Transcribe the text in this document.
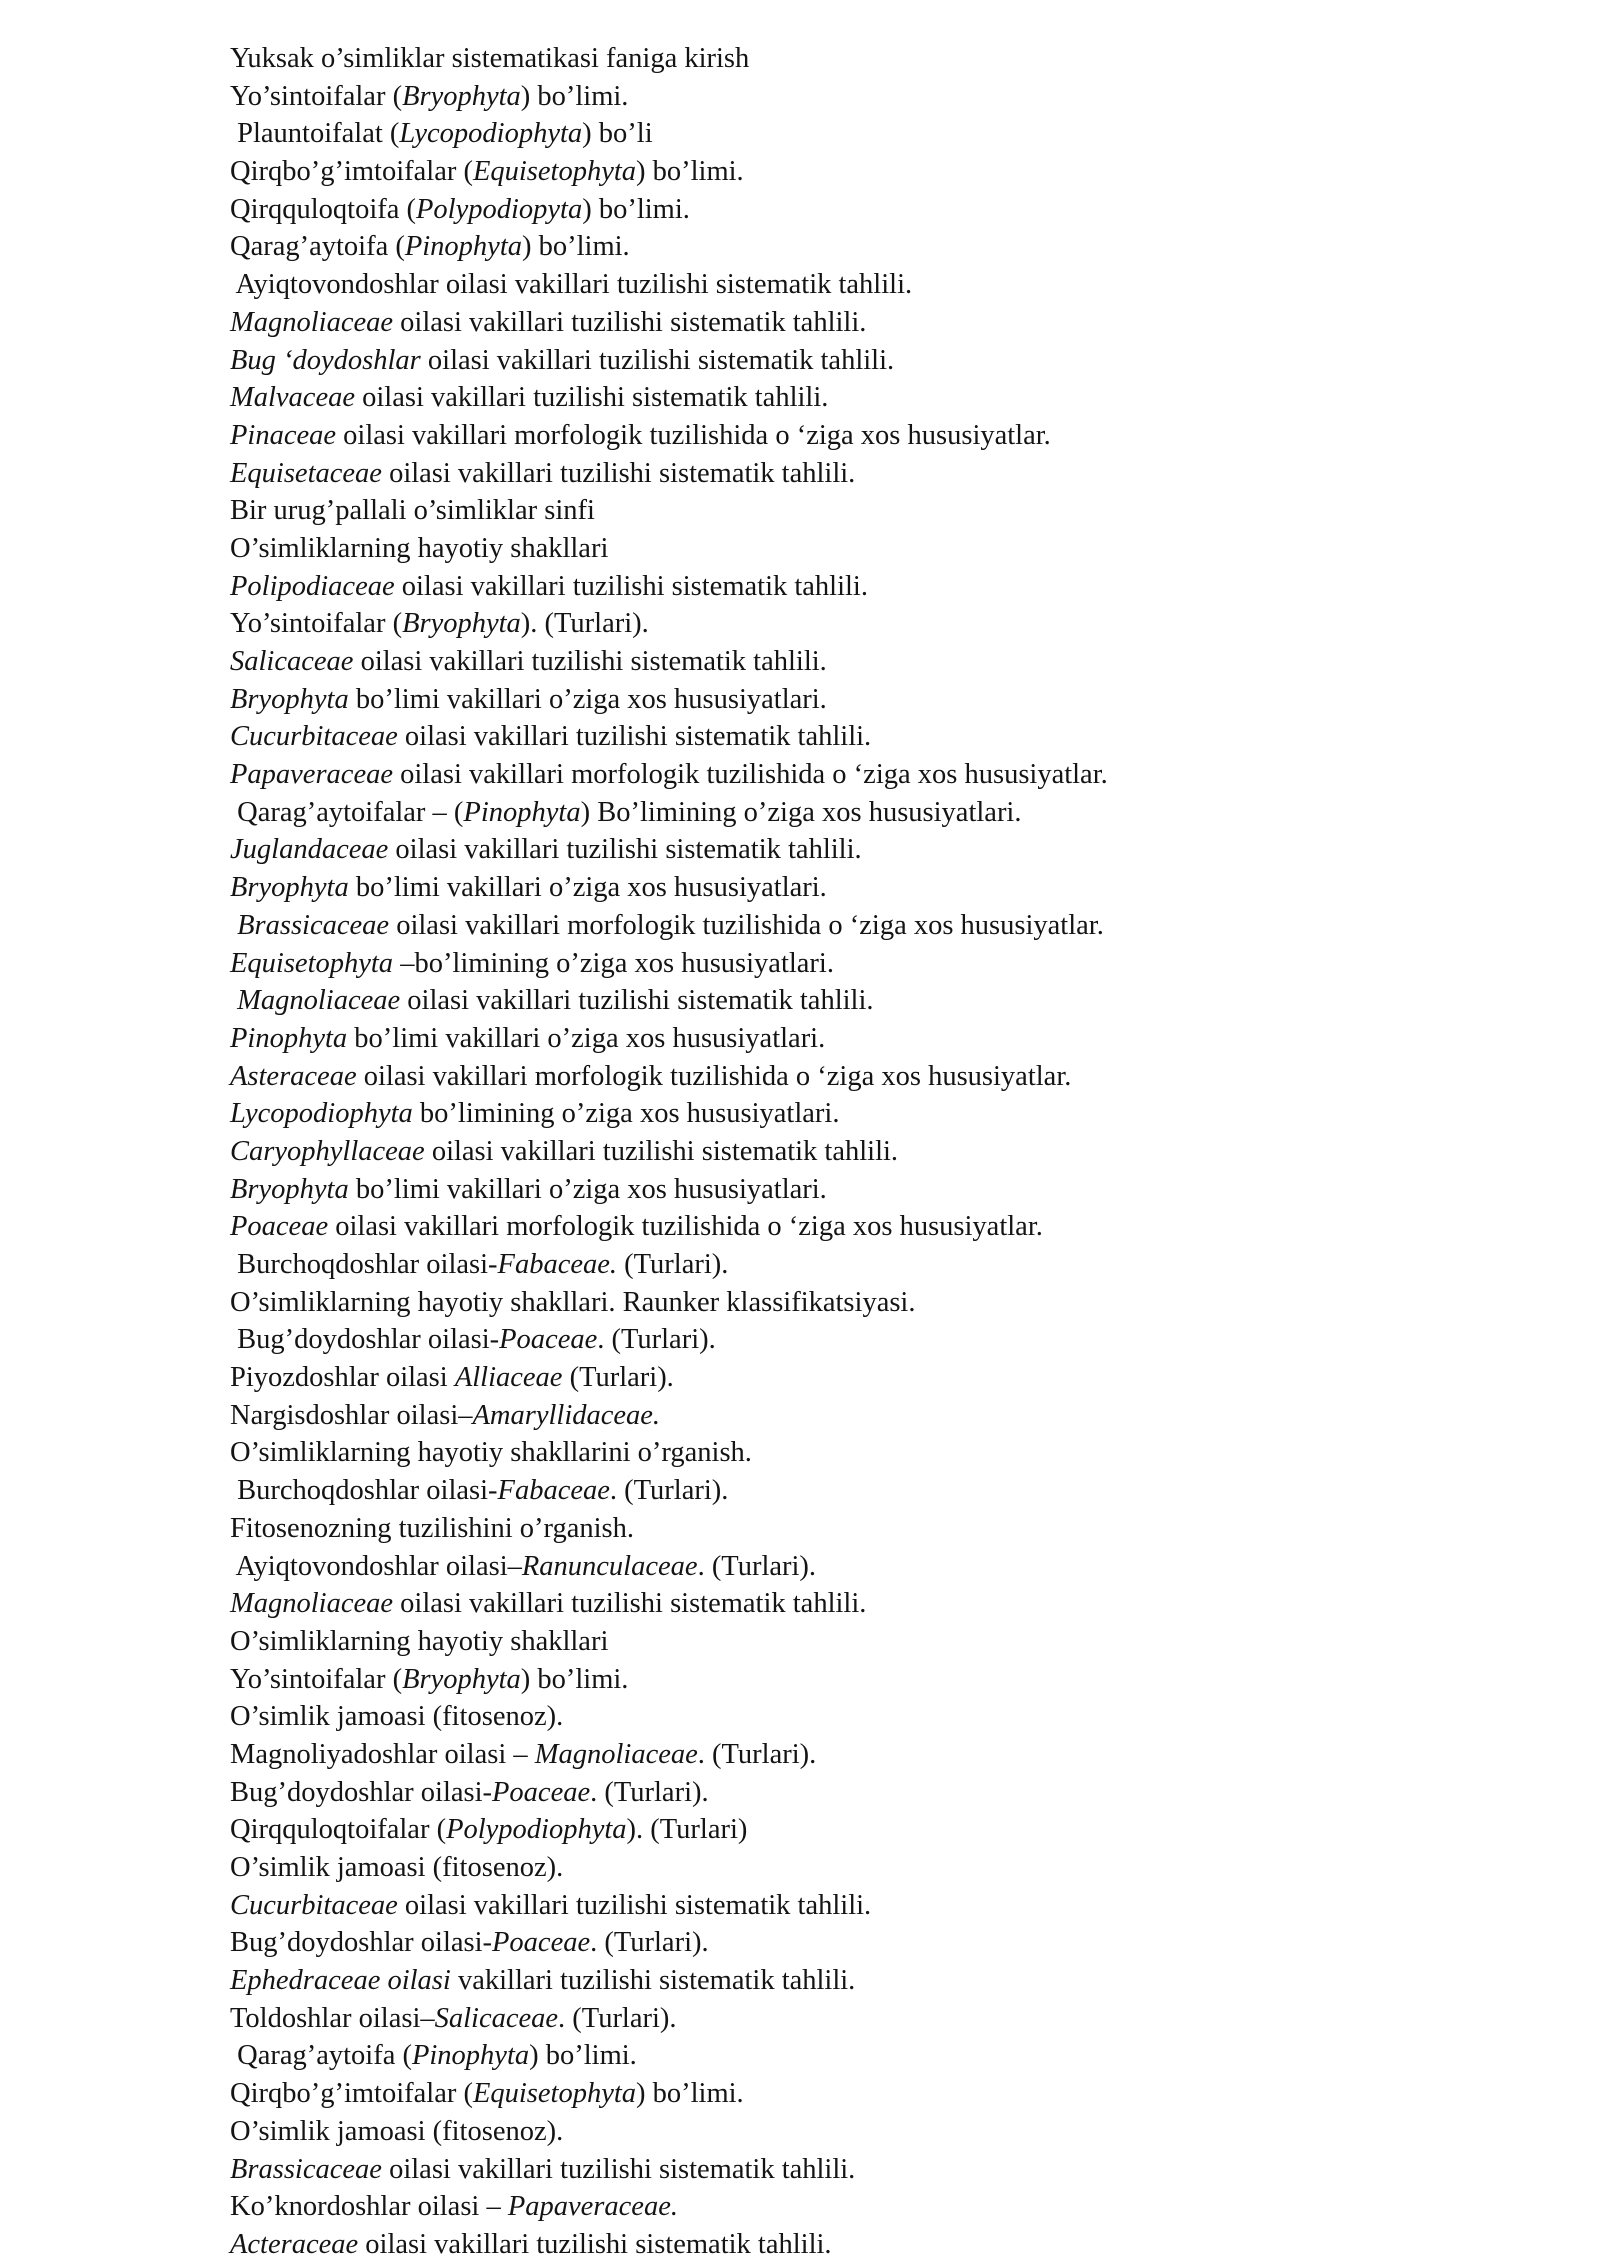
Yuksak o’simliklar sistematikasi faniga kirish
Yo’sintoifalar (Bryophyta) bo’limi.
Plauntoifalat (Lycopodiophyta) bo’li
Qirqbo’g’imtoifalar (Equisetophyta) bo’limi.
Qirqquloqtoifa (Polypodiopyta) bo’limi.
Qarag’aytoifa (Pinophyta) bo’limi.
Ayiqtovondoshlar oilasi vakillari tuzilishi sistematik tahlili.
Magnoliaceae oilasi vakillari tuzilishi sistematik tahlili.
Bug ‘doydoshlar oilasi vakillari tuzilishi sistematik tahlili.
Malvaceae oilasi vakillari tuzilishi sistematik tahlili.
Pinaceae oilasi vakillari morfologik tuzilishida o ‘ziga xos hususiyatlar.
Equisetaceae oilasi vakillari tuzilishi sistematik tahlili.
Bir urug’pallali o’simliklar sinfi
O’simliklarning hayotiy shakllari
Polipodiaceae oilasi vakillari tuzilishi sistematik tahlili.
Yo’sintoifalar (Bryophyta). (Turlari).
Salicaceae oilasi vakillari tuzilishi sistematik tahlili.
Bryophyta bo’limi vakillari o’ziga xos hususiyatlari.
Cucurbitaceae oilasi vakillari tuzilishi sistematik tahlili.
Papaveraceae oilasi vakillari morfologik tuzilishida o ‘ziga xos hususiyatlar.
Qarag’aytoifalar – (Pinophyta) Bo’limining o’ziga xos hususiyatlari.
Juglandaceae oilasi vakillari tuzilishi sistematik tahlili.
Bryophyta bo’limi vakillari o’ziga xos hususiyatlari.
Brassicaceae oilasi vakillari morfologik tuzilishida o ‘ziga xos hususiyatlar.
Equisetophyta –bo’limining o’ziga xos hususiyatlari.
Magnoliaceae oilasi vakillari tuzilishi sistematik tahlili.
Pinophyta bo’limi vakillari o’ziga xos hususiyatlari.
Asteraceae oilasi vakillari morfologik tuzilishida o ‘ziga xos hususiyatlar.
Lycopodiophyta bo’limining o’ziga xos hususiyatlari.
Caryophyllaceae oilasi vakillari tuzilishi sistematik tahlili.
Bryophyta bo’limi vakillari o’ziga xos hususiyatlari.
Poaceae oilasi vakillari morfologik tuzilishida o ‘ziga xos hususiyatlar.
Burchoqdoshlar oilasi-Fabaceae. (Turlari).
O’simliklarning hayotiy shakllari. Raunker klassifikatsiyasi.
Bug’doydoshlar oilasi-Poaceae. (Turlari).
Piyozdoshlar oilasi Alliaceae (Turlari).
Nargisdoshlar oilasi–Amaryllidaceae.
O’simliklarning hayotiy shakllarini o’rganish.
Burchoqdoshlar oilasi-Fabaceae. (Turlari).
Fitosenozning tuzilishini o’rganish.
Ayiqtovondoshlar oilasi–Ranunculaceae. (Turlari).
Magnoliaceae oilasi vakillari tuzilishi sistematik tahlili.
O’simliklarning hayotiy shakllari
Yo’sintoifalar (Bryophyta) bo’limi.
O’simlik jamoasi (fitosenoz).
Magnoliyadoshlar oilasi – Magnoliaceae. (Turlari).
Bug’doydoshlar oilasi-Poaceae. (Turlari).
Qirqquloqtoifalar (Polypodiophyta). (Turlari)
O’simlik jamoasi (fitosenoz).
Cucurbitaceae oilasi vakillari tuzilishi sistematik tahlili.
Bug’doydoshlar oilasi-Poaceae. (Turlari).
Ephedraceae oilasi vakillari tuzilishi sistematik tahlili.
Toldoshlar oilasi–Salicaceae. (Turlari).
Qarag’aytoifa (Pinophyta) bo’limi.
Qirqbo’g’imtoifalar (Equisetophyta) bo’limi.
O’simlik jamoasi (fitosenoz).
Brassicaceae oilasi vakillari tuzilishi sistematik tahlili.
Ko’knordoshlar oilasi – Papaveraceae.
Acteraceae oilasi vakillari tuzilishi sistematik tahlili.
